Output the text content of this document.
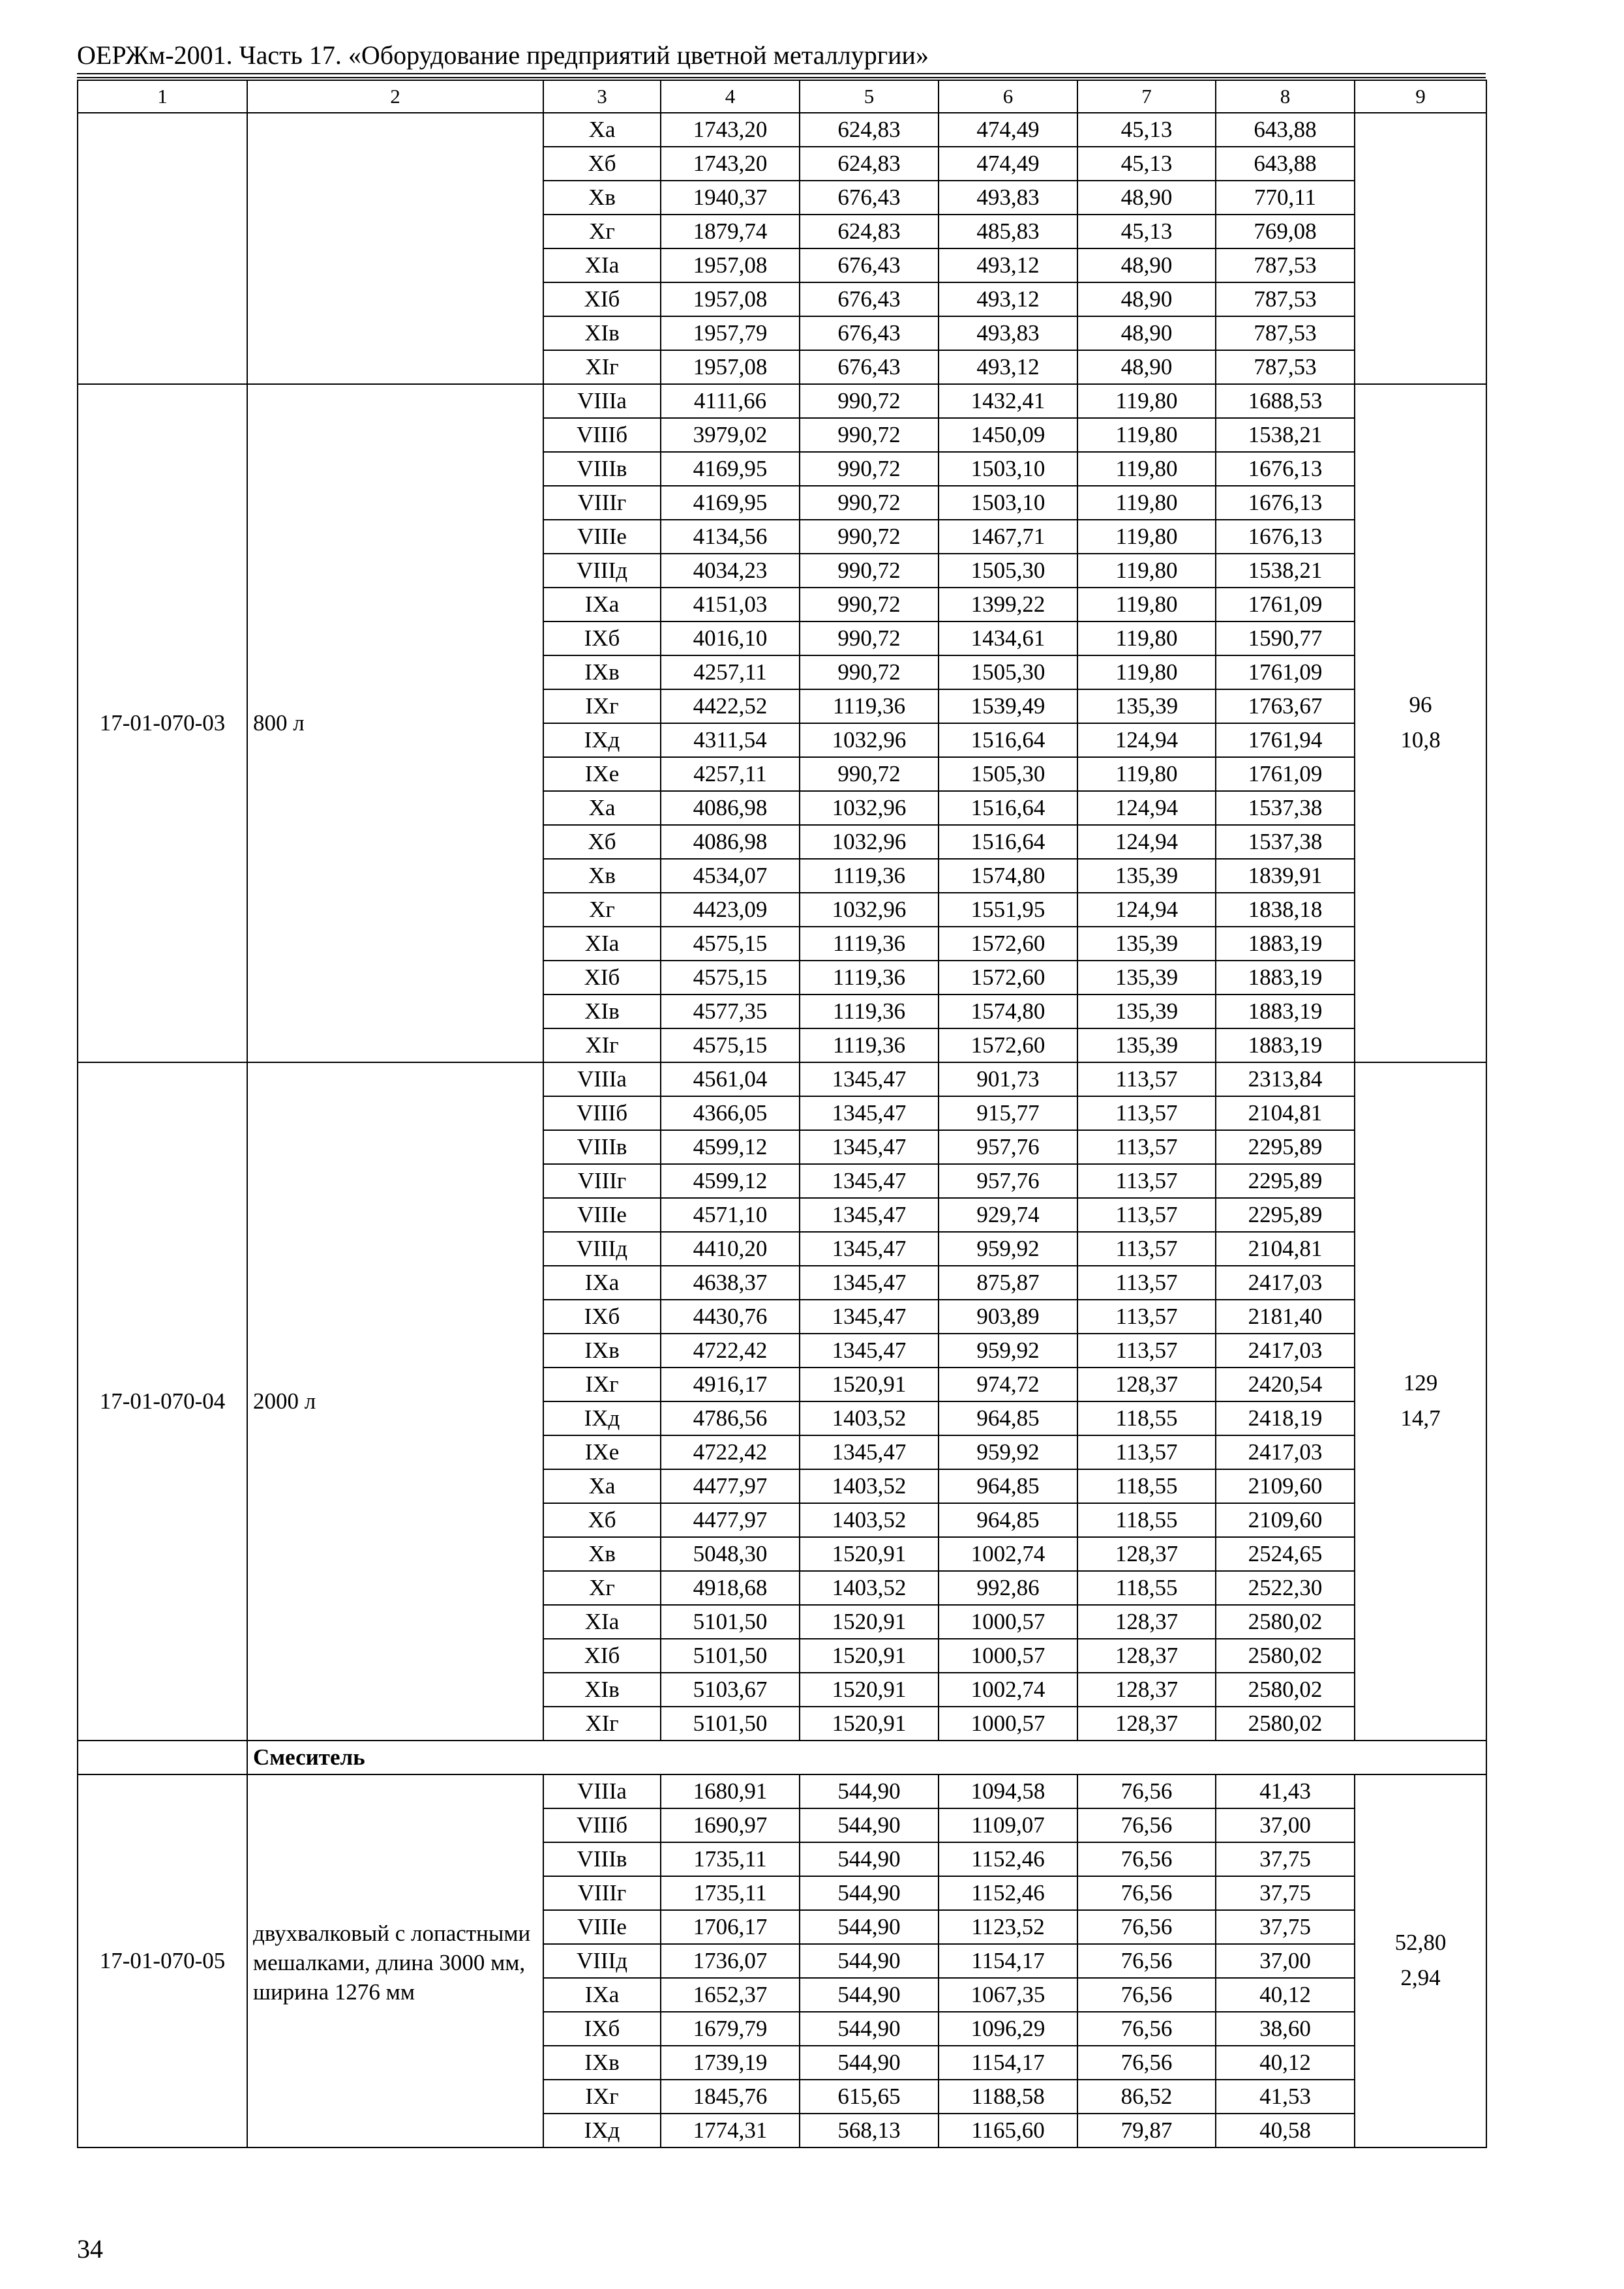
ОЕРЖм-2001. Часть 17. «Оборудование предприятий цветной металлургии»
1	2	3	4	5	6	7	8	9
		Xa	1743,20	624,83	474,49	45,13	643,88	
		Xб	1743,20	624,83	474,49	45,13	643,88	
		Xв	1940,37	676,43	493,83	48,90	770,11	
		Xг	1879,74	624,83	485,83	45,13	769,08	
		XIa	1957,08	676,43	493,12	48,90	787,53	
		XIб	1957,08	676,43	493,12	48,90	787,53	
		XIв	1957,79	676,43	493,83	48,90	787,53	
		XIг	1957,08	676,43	493,12	48,90	787,53	
17-01-070-03	800 л	VIIIa	4111,66	990,72	1432,41	119,80	1688,53	96
10,8

		VIIIб	3979,02	990,72	1450,09	119,80	1538,21	
		VIIIв	4169,95	990,72	1503,10	119,80	1676,13	
		VIIIг	4169,95	990,72	1503,10	119,80	1676,13	
		VIIIe	4134,56	990,72	1467,71	119,80	1676,13	
		VIIIд	4034,23	990,72	1505,30	119,80	1538,21	
		IXa	4151,03	990,72	1399,22	119,80	1761,09	
		IXб	4016,10	990,72	1434,61	119,80	1590,77	
		IXв	4257,11	990,72	1505,30	119,80	1761,09	
		IXг	4422,52	1119,36	1539,49	135,39	1763,67	
		IXд	4311,54	1032,96	1516,64	124,94	1761,94	
		IXe	4257,11	990,72	1505,30	119,80	1761,09	
		Xa	4086,98	1032,96	1516,64	124,94	1537,38	
		Xб	4086,98	1032,96	1516,64	124,94	1537,38	
		Xв	4534,07	1119,36	1574,80	135,39	1839,91	
		Xг	4423,09	1032,96	1551,95	124,94	1838,18	
		XIa	4575,15	1119,36	1572,60	135,39	1883,19	
		XIб	4575,15	1119,36	1572,60	135,39	1883,19	
		XIв	4577,35	1119,36	1574,80	135,39	1883,19	
		XIг	4575,15	1119,36	1572,60	135,39	1883,19	
17-01-070-04	2000 л	VIIIa	4561,04	1345,47	901,73	113,57	2313,84	129
14,7

		VIIIб	4366,05	1345,47	915,77	113,57	2104,81	
		VIIIв	4599,12	1345,47	957,76	113,57	2295,89	
		VIIIг	4599,12	1345,47	957,76	113,57	2295,89	
		VIIIe	4571,10	1345,47	929,74	113,57	2295,89	
		VIIIд	4410,20	1345,47	959,92	113,57	2104,81	
		IXa	4638,37	1345,47	875,87	113,57	2417,03	
		IXб	4430,76	1345,47	903,89	113,57	2181,40	
		IXв	4722,42	1345,47	959,92	113,57	2417,03	
		IXг	4916,17	1520,91	974,72	128,37	2420,54	
		IXд	4786,56	1403,52	964,85	118,55	2418,19	
		IXe	4722,42	1345,47	959,92	113,57	2417,03	
		Xa	4477,97	1403,52	964,85	118,55	2109,60	
		Xб	4477,97	1403,52	964,85	118,55	2109,60	
		Xв	5048,30	1520,91	1002,74	128,37	2524,65	
		Xг	4918,68	1403,52	992,86	118,55	2522,30	
		XIa	5101,50	1520,91	1000,57	128,37	2580,02	
		XIб	5101,50	1520,91	1000,57	128,37	2580,02	
		XIв	5103,67	1520,91	1002,74	128,37	2580,02	
		XIг	5101,50	1520,91	1000,57	128,37	2580,02	
	Смеситель							
17-01-070-05	двухвалковый с лопастными мешалками, длина 3000 мм, ширина 1276 мм	VIIIa	1680,91	544,90	1094,58	76,56	41,43	52,80
2,94

		VIIIб	1690,97	544,90	1109,07	76,56	37,00	
		VIIIв	1735,11	544,90	1152,46	76,56	37,75	
		VIIIг	1735,11	544,90	1152,46	76,56	37,75	
		VIIIe	1706,17	544,90	1123,52	76,56	37,75	
		VIIIд	1736,07	544,90	1154,17	76,56	37,00	
		IXa	1652,37	544,90	1067,35	76,56	40,12	
		IXб	1679,79	544,90	1096,29	76,56	38,60	
		IXв	1739,19	544,90	1154,17	76,56	40,12	
		IXг	1845,76	615,65	1188,58	86,52	41,53	
		IXд	1774,31	568,13	1165,60	79,87	40,58	
34
